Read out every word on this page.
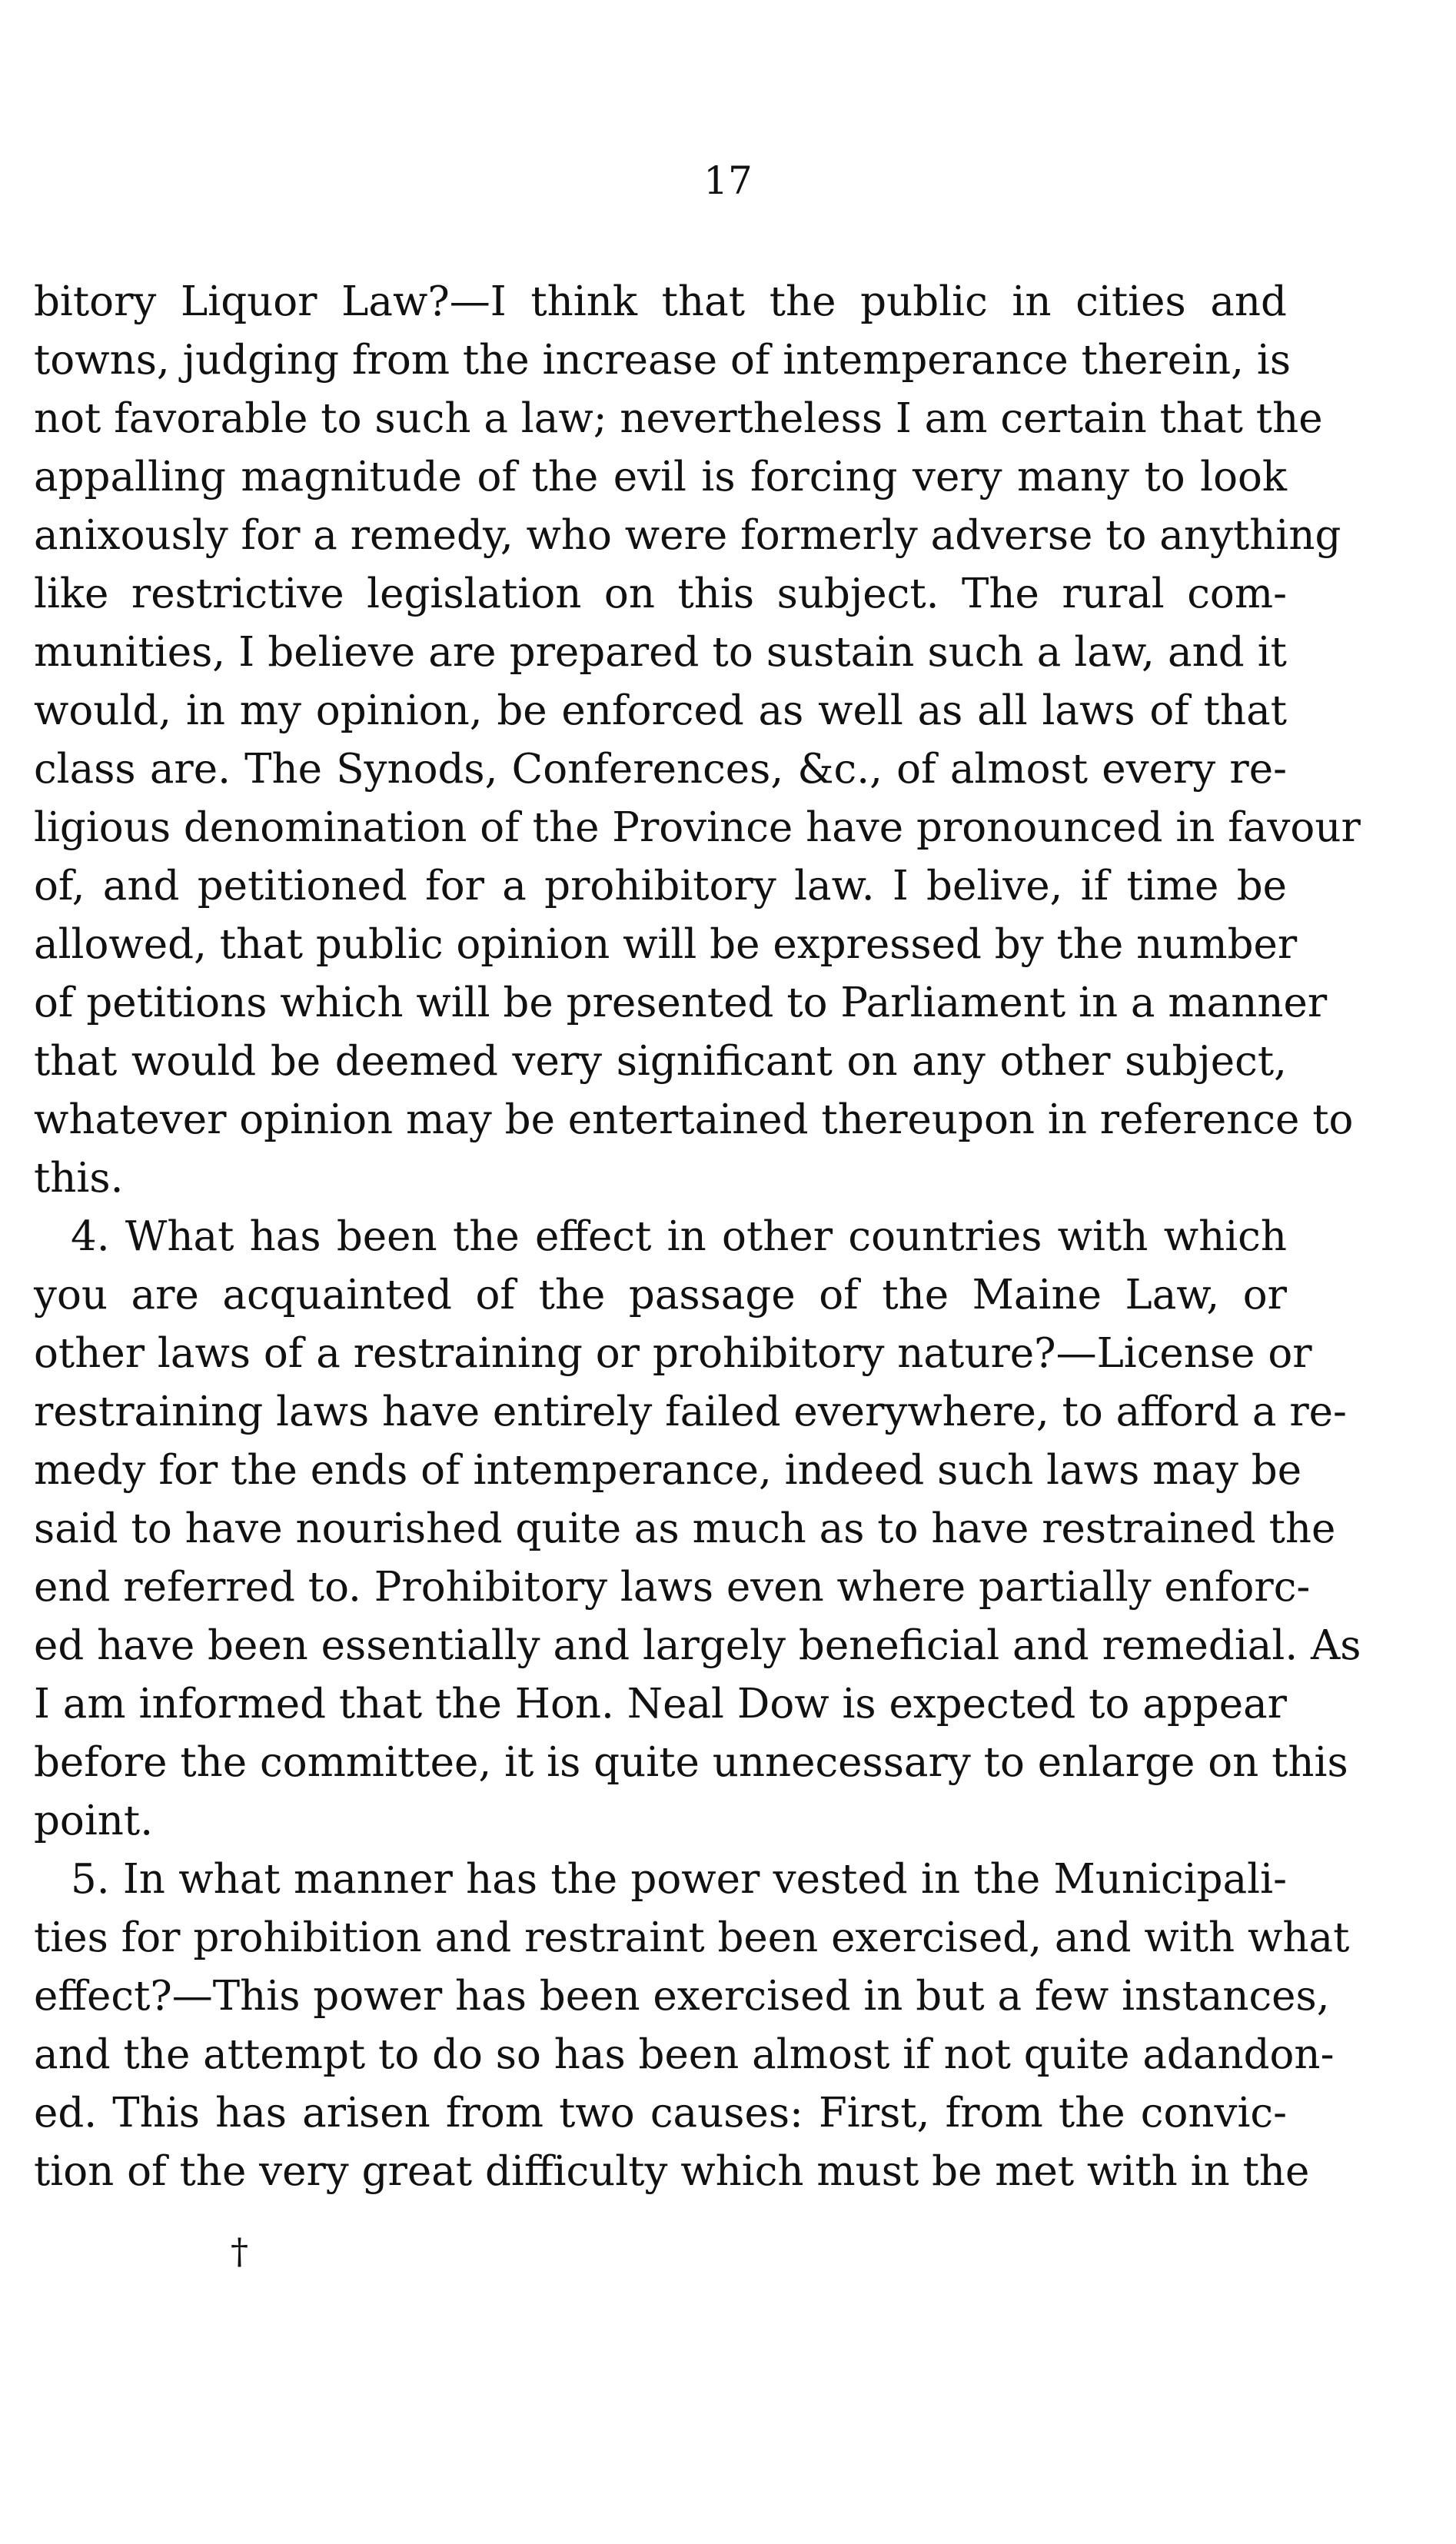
17
bitory Liquor Law?—I think that the public in cities and
towns, judging from the increase of intemperance therein, is
not favorable to such a law; nevertheless I am certain that the
appalling magnitude of the evil is forcing very many to look
anixously for a remedy, who were formerly adverse to anything
like restrictive legislation on this subject. The rural com-
munities, I believe are prepared to sustain such a law, and it
would, in my opinion, be enforced as well as all laws of that
class are. The Synods, Conferences, &c., of almost every re-
ligious denomination of the Province have pronounced in favour
of, and petitioned for a prohibitory law. I belive, if time be
allowed, that public opinion will be expressed by the number
of petitions which will be presented to Parliament in a manner
that would be deemed very significant on any other subject,
whatever opinion may be entertained thereupon in reference to
this.
4. What has been the effect in other countries with which
you are acquainted of the passage of the Maine Law, or
other laws of a restraining or prohibitory nature?—License or
restraining laws have entirely failed everywhere, to afford a re-
medy for the ends of intemperance, indeed such laws may be
said to have nourished quite as much as to have restrained the
end referred to. Prohibitory laws even where partially enforc-
ed have been essentially and largely beneficial and remedial. As
I am informed that the Hon. Neal Dow is expected to appear
before the committee, it is quite unnecessary to enlarge on this
point.
5. In what manner has the power vested in the Municipali-
ties for prohibition and restraint been exercised, and with what
effect?—This power has been exercised in but a few instances,
and the attempt to do so has been almost if not quite adandon-
ed. This has arisen from two causes: First, from the convic-
tion of the very great difficulty which must be met with in the
†
